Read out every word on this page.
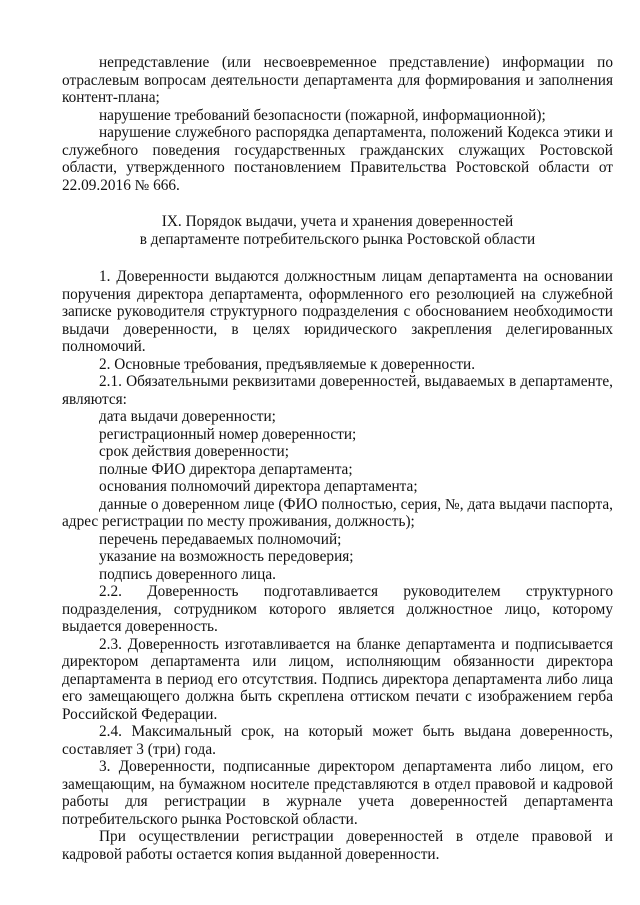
непредставление (или несвоевременное представление) информации по отраслевым вопросам деятельности департамента для формирования и заполнения контент-плана;

нарушение требований безопасности (пожарной, информационной);

нарушение служебного распорядка департамента, положений Кодекса этики и служебного поведения государственных гражданских служащих Ростовской области, утвержденного постановлением Правительства Ростовской области от 22.09.2016 № 666.

IX. Порядок выдачи, учета и хранения доверенностей
в департаменте потребительского рынка Ростовской области

1. Доверенности выдаются должностным лицам департамента на основании поручения директора департамента, оформленного его резолюцией на служебной записке руководителя структурного подразделения с обоснованием необходимости выдачи доверенности, в целях юридического закрепления делегированных полномочий.

2. Основные требования, предъявляемые к доверенности.

2.1. Обязательными реквизитами доверенностей, выдаваемых в департаменте, являются:

дата выдачи доверенности;

регистрационный номер доверенности;

срок действия доверенности;

полные ФИО директора департамента;

основания полномочий директора департамента;

данные о доверенном лице (ФИО полностью, серия, №, дата выдачи паспорта, адрес регистрации по месту проживания, должность);

перечень передаваемых полномочий;

указание на возможность передоверия;

подпись доверенного лица.

2.2. Доверенность подготавливается руководителем структурного подразделения, сотрудником которого является должностное лицо, которому выдается доверенность.

2.3. Доверенность изготавливается на бланке департамента и подписывается директором департамента или лицом, исполняющим обязанности директора департамента в период его отсутствия. Подпись директора департамента либо лица его замещающего должна быть скреплена оттиском печати с изображением герба Российской Федерации.

2.4. Максимальный срок, на который может быть выдана доверенность, составляет 3 (три) года.

3. Доверенности, подписанные директором департамента либо лицом, его замещающим, на бумажном носителе представляются в отдел правовой и кадровой работы для регистрации в журнале учета доверенностей департамента потребительского рынка Ростовской области.

При осуществлении регистрации доверенностей в отделе правовой и кадровой работы остается копия выданной доверенности.
